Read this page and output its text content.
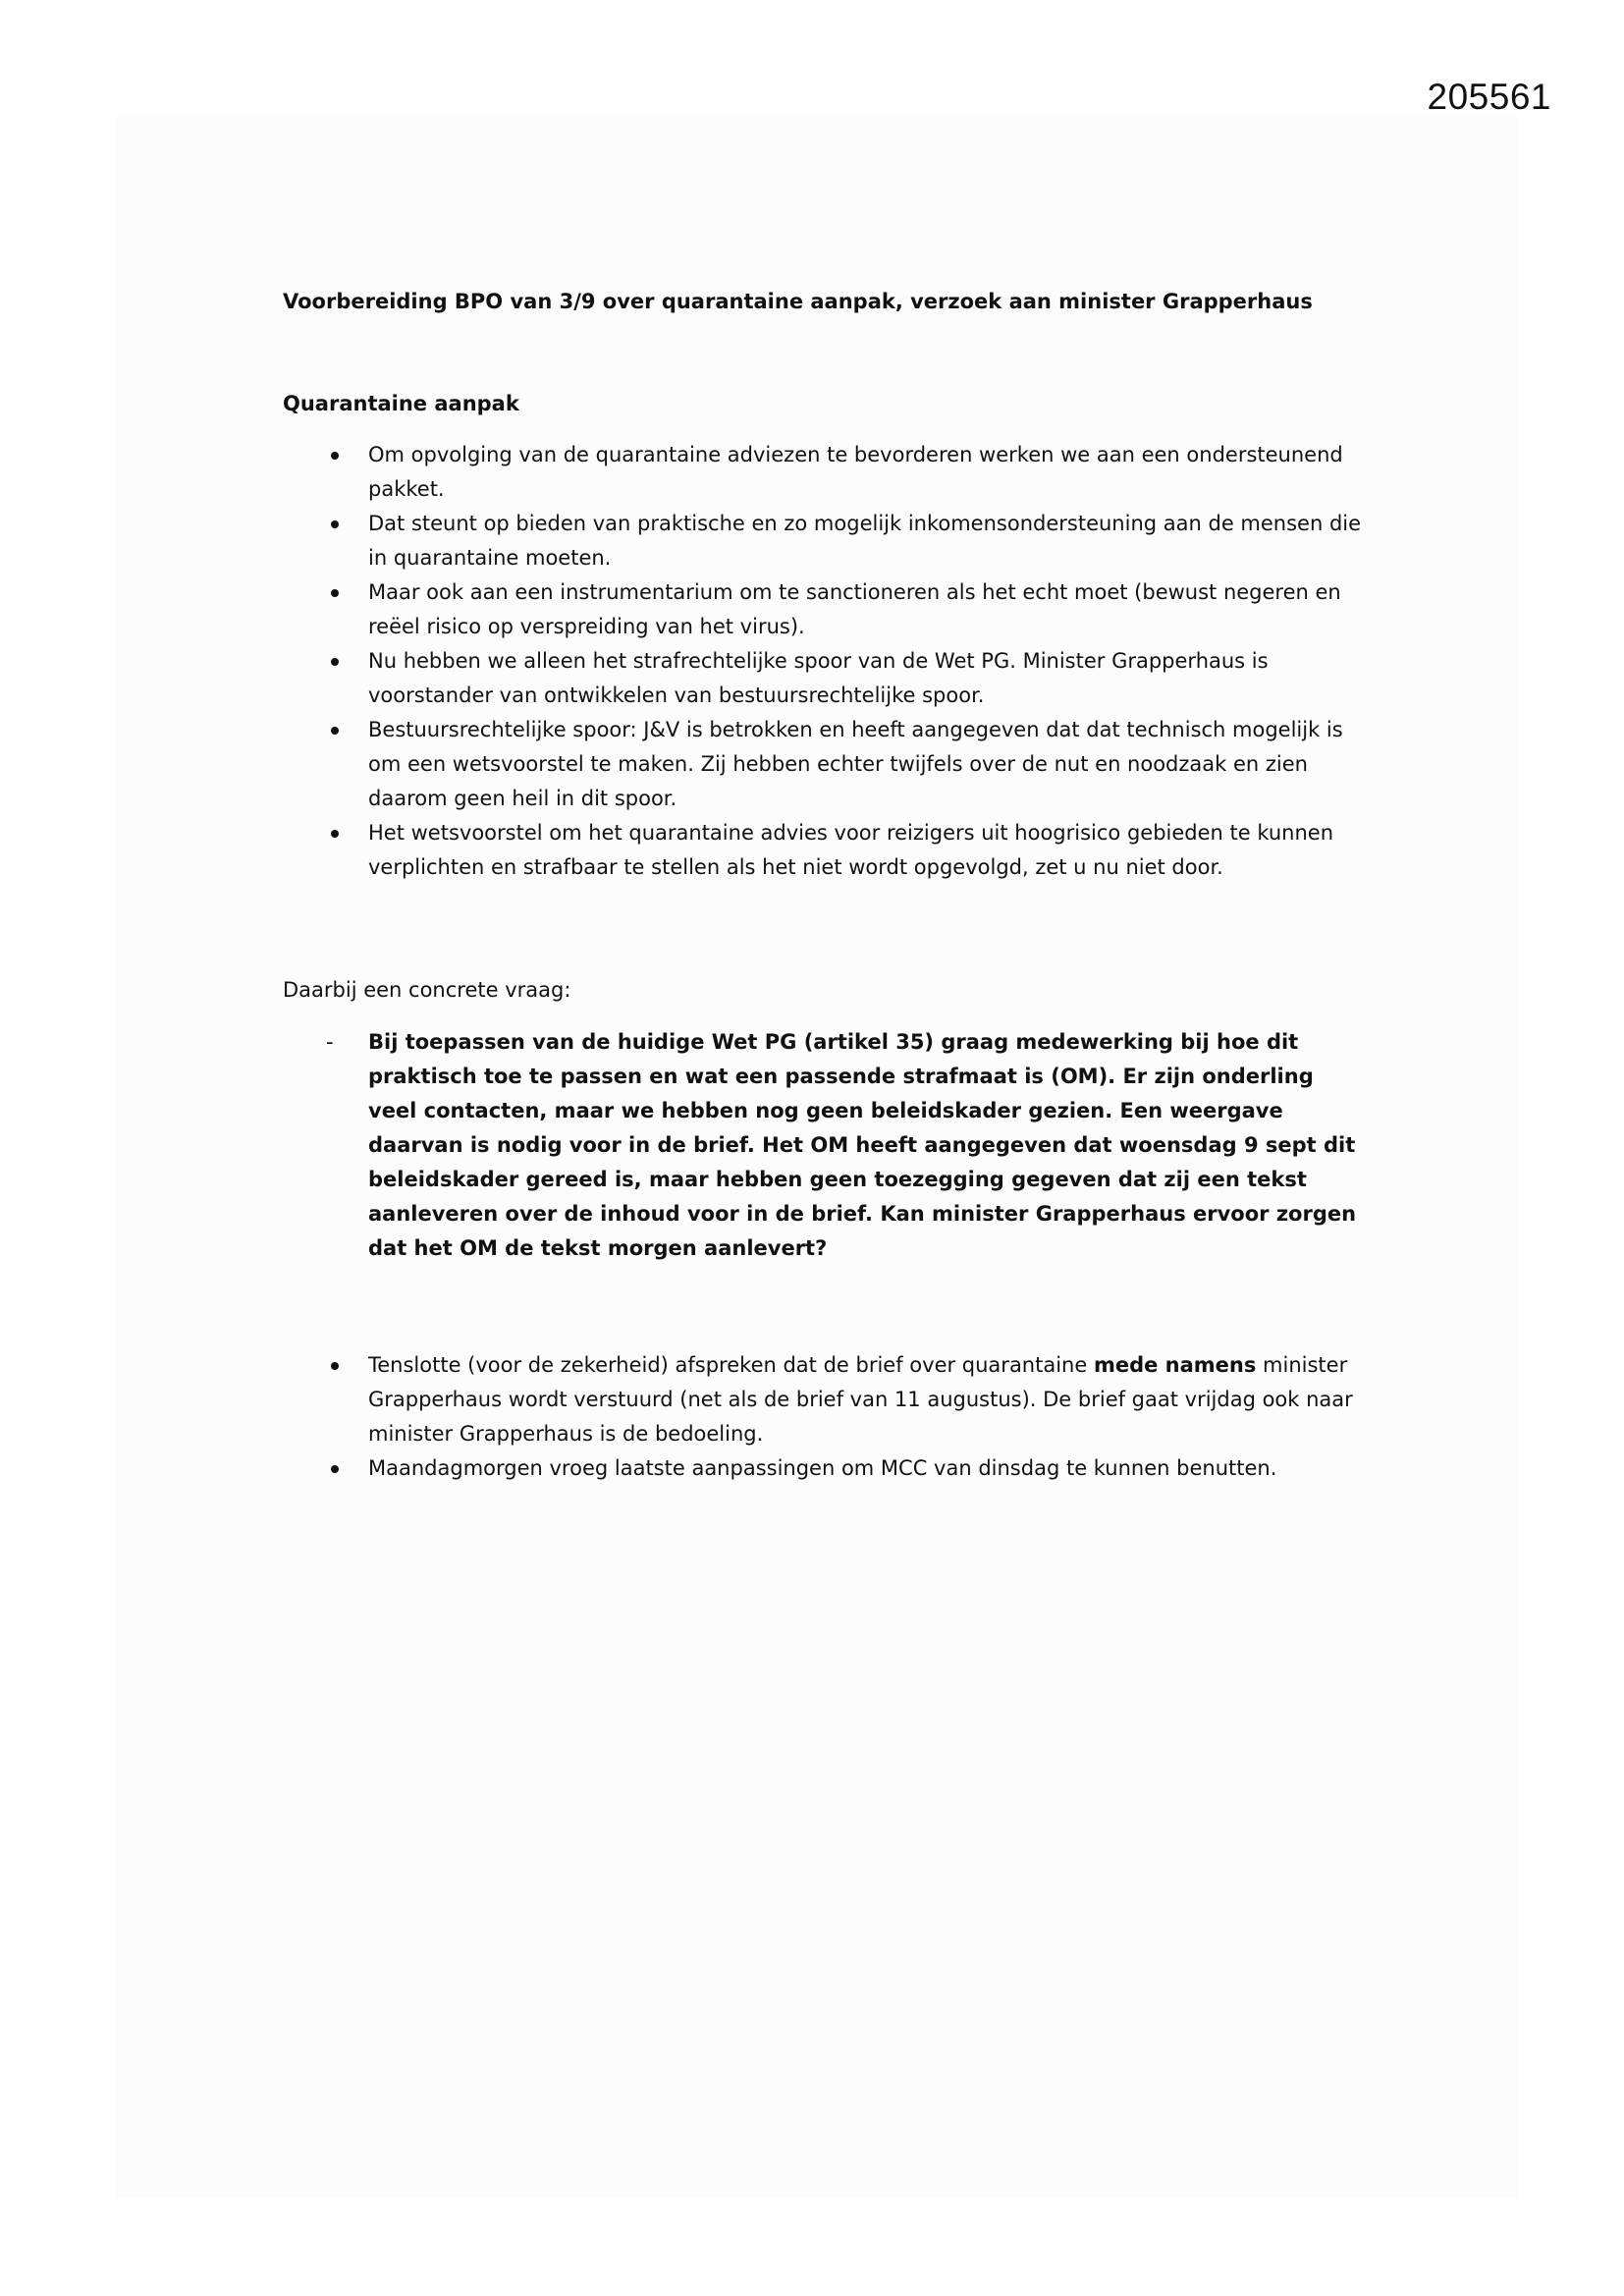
205561

Voorbereiding BPO van 3/9 over quarantaine aanpak, verzoek aan minister Grapperhaus

Quarantaine aanpak

Om opvolging van de quarantaine adviezen te bevorderen werken we aan een ondersteunend pakket.
Dat steunt op bieden van praktische en zo mogelijk inkomensondersteuning aan de mensen die in quarantaine moeten.
Maar ook aan een instrumentarium om te sanctioneren als het echt moet (bewust negeren en reëel risico op verspreiding van het virus).
Nu hebben we alleen het strafrechtelijke spoor van de Wet PG. Minister Grapperhaus is voorstander van ontwikkelen van bestuursrechtelijke spoor.
Bestuursrechtelijke spoor: J&V is betrokken en heeft aangegeven dat dat technisch mogelijk is om een wetsvoorstel te maken. Zij hebben echter twijfels over de nut en noodzaak en zien daarom geen heil in dit spoor.
Het wetsvoorstel om het quarantaine advies voor reizigers uit hoogrisico gebieden te kunnen verplichten en strafbaar te stellen als het niet wordt opgevolgd, zet u nu niet door.

Daarbij een concrete vraag:

- Bij toepassen van de huidige Wet PG (artikel 35) graag medewerking bij hoe dit praktisch toe te passen en wat een passende strafmaat is (OM). Er zijn onderling veel contacten, maar we hebben nog geen beleidskader gezien. Een weergave daarvan is nodig voor in de brief. Het OM heeft aangegeven dat woensdag 9 sept dit beleidskader gereed is, maar hebben geen toezegging gegeven dat zij een tekst aanleveren over de inhoud voor in de brief. Kan minister Grapperhaus ervoor zorgen dat het OM de tekst morgen aanlevert?
Tenslotte (voor de zekerheid) afspreken dat de brief over quarantaine mede namens minister Grapperhaus wordt verstuurd (net als de brief van 11 augustus). De brief gaat vrijdag ook naar minister Grapperhaus is de bedoeling.
Maandagmorgen vroeg laatste aanpassingen om MCC van dinsdag te kunnen benutten.
